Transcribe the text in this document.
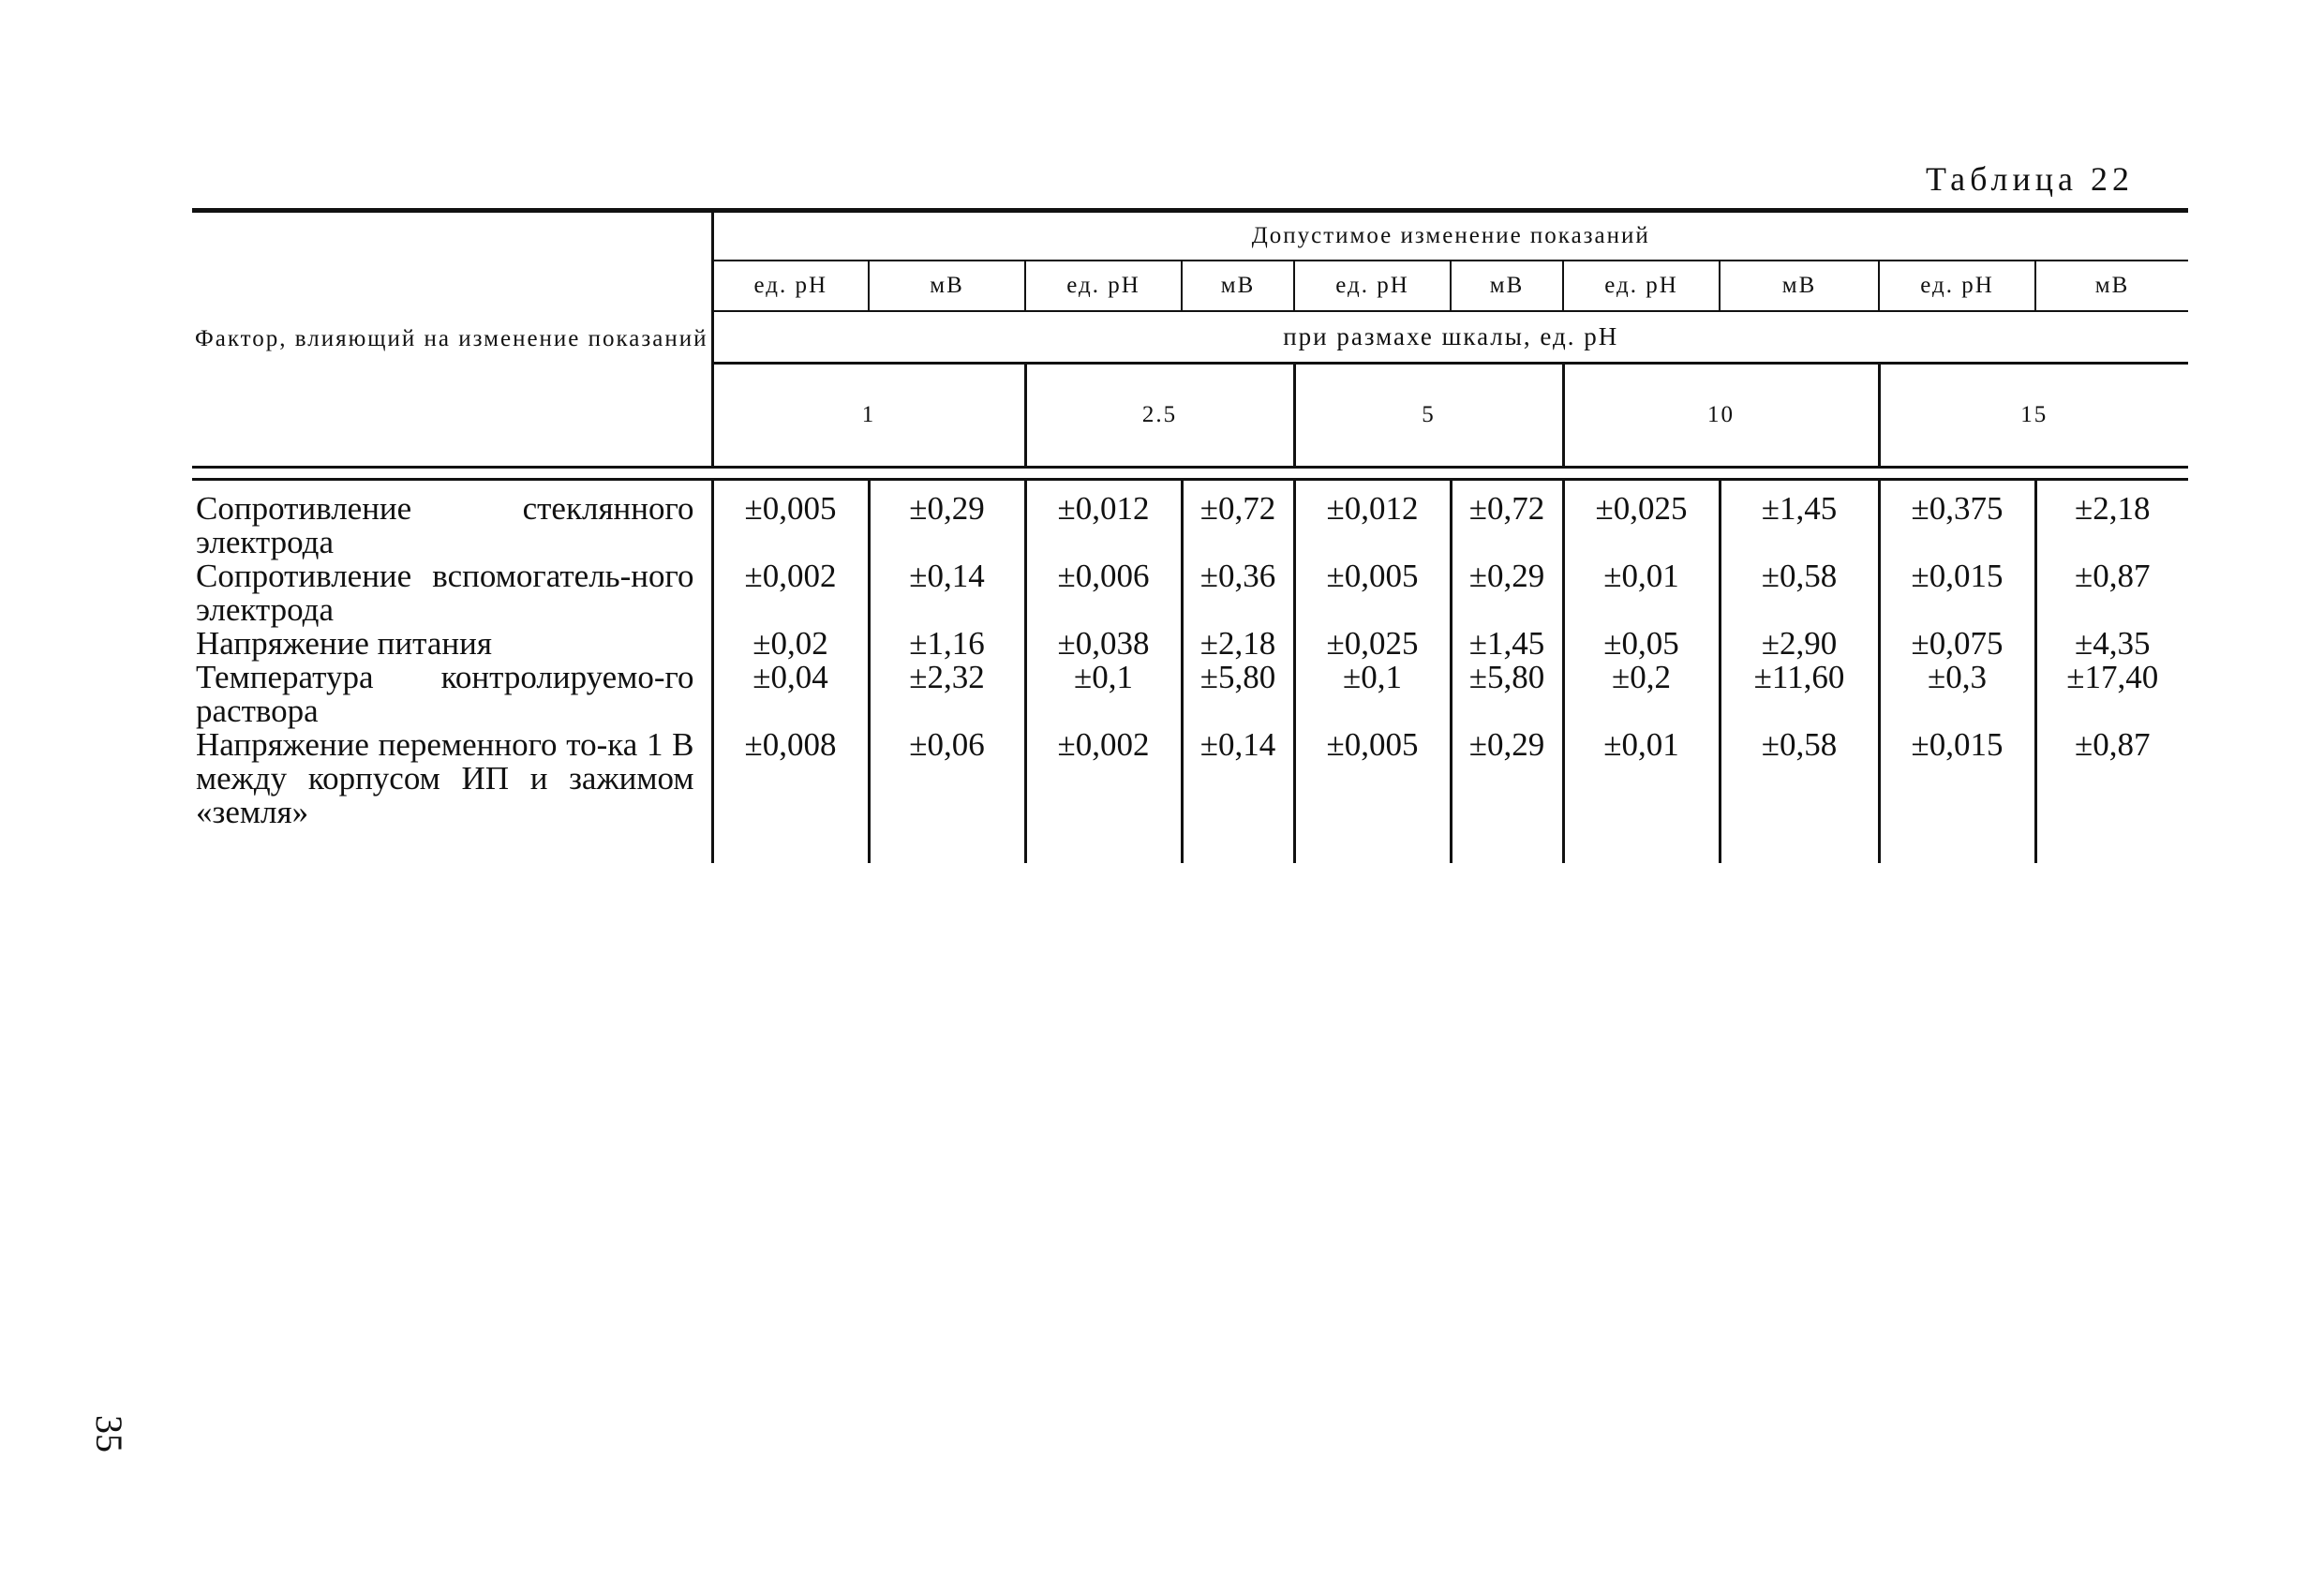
Таблица 22
Фактор, влияющий на изменение показаний	Допустимое изменение показаний									
	ед. рН	мВ	ед. рН	мВ	ед. рН	мВ	ед. рН	мВ	ед. рН	мВ
	при размахе шкалы, ед. рН									
	1		2.5		5		10		15	

Сопротивление стеклянного электрода	±0,005	±0,29	±0,012	±0,72	±0,012	±0,72	±0,025	±1,45	±0,375	±2,18
Сопротивление вспомогатель-ного электрода	±0,002	±0,14	±0,006	±0,36	±0,005	±0,29	±0,01	±0,58	±0,015	±0,87
Напряжение питания	±0,02	±1,16	±0,038	±2,18	±0,025	±1,45	±0,05	±2,90	±0,075	±4,35
Температура контролируемо-го раствора	±0,04	±2,32	±0,1	±5,80	±0,1	±5,80	±0,2	±11,60	±0,3	±17,40
Напряжение переменного то-ка 1 В между корпусом ИП и зажимом «земля»	±0,008	±0,06	±0,002	±0,14	±0,005	±0,29	±0,01	±0,58	±0,015	±0,87
35
